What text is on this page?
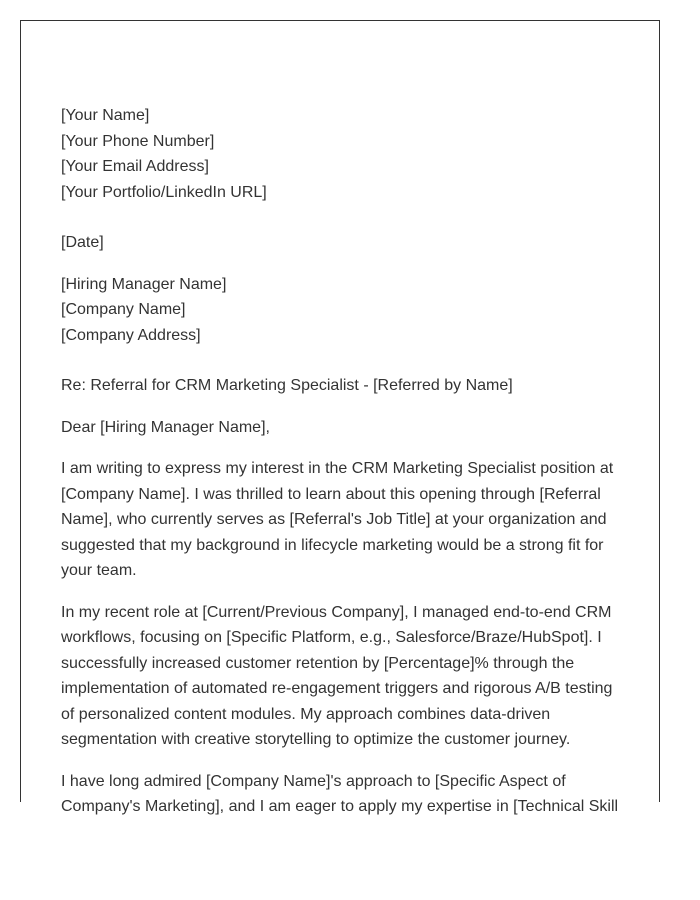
[Your Name]
[Your Phone Number]
[Your Email Address]
[Your Portfolio/LinkedIn URL]
[Date]
[Hiring Manager Name]
[Company Name]
[Company Address]

Re: Referral for CRM Marketing Specialist - [Referred by Name]

Dear [Hiring Manager Name],

I am writing to express my interest in the CRM Marketing Specialist position at [Company Name]. I was thrilled to learn about this opening through [Referral Name], who currently serves as [Referral's Job Title] at your organization and suggested that my background in lifecycle marketing would be a strong fit for your team.

In my recent role at [Current/Previous Company], I managed end-to-end CRM workflows, focusing on [Specific Platform, e.g., Salesforce/Braze/HubSpot]. I successfully increased customer retention by [Percentage]% through the implementation of automated re-engagement triggers and rigorous A/B testing of personalized content modules. My approach combines data-driven segmentation with creative storytelling to optimize the customer journey.

I have long admired [Company Name]'s approach to [Specific Aspect of Company's Marketing], and I am eager to apply my expertise in [Technical Skill
